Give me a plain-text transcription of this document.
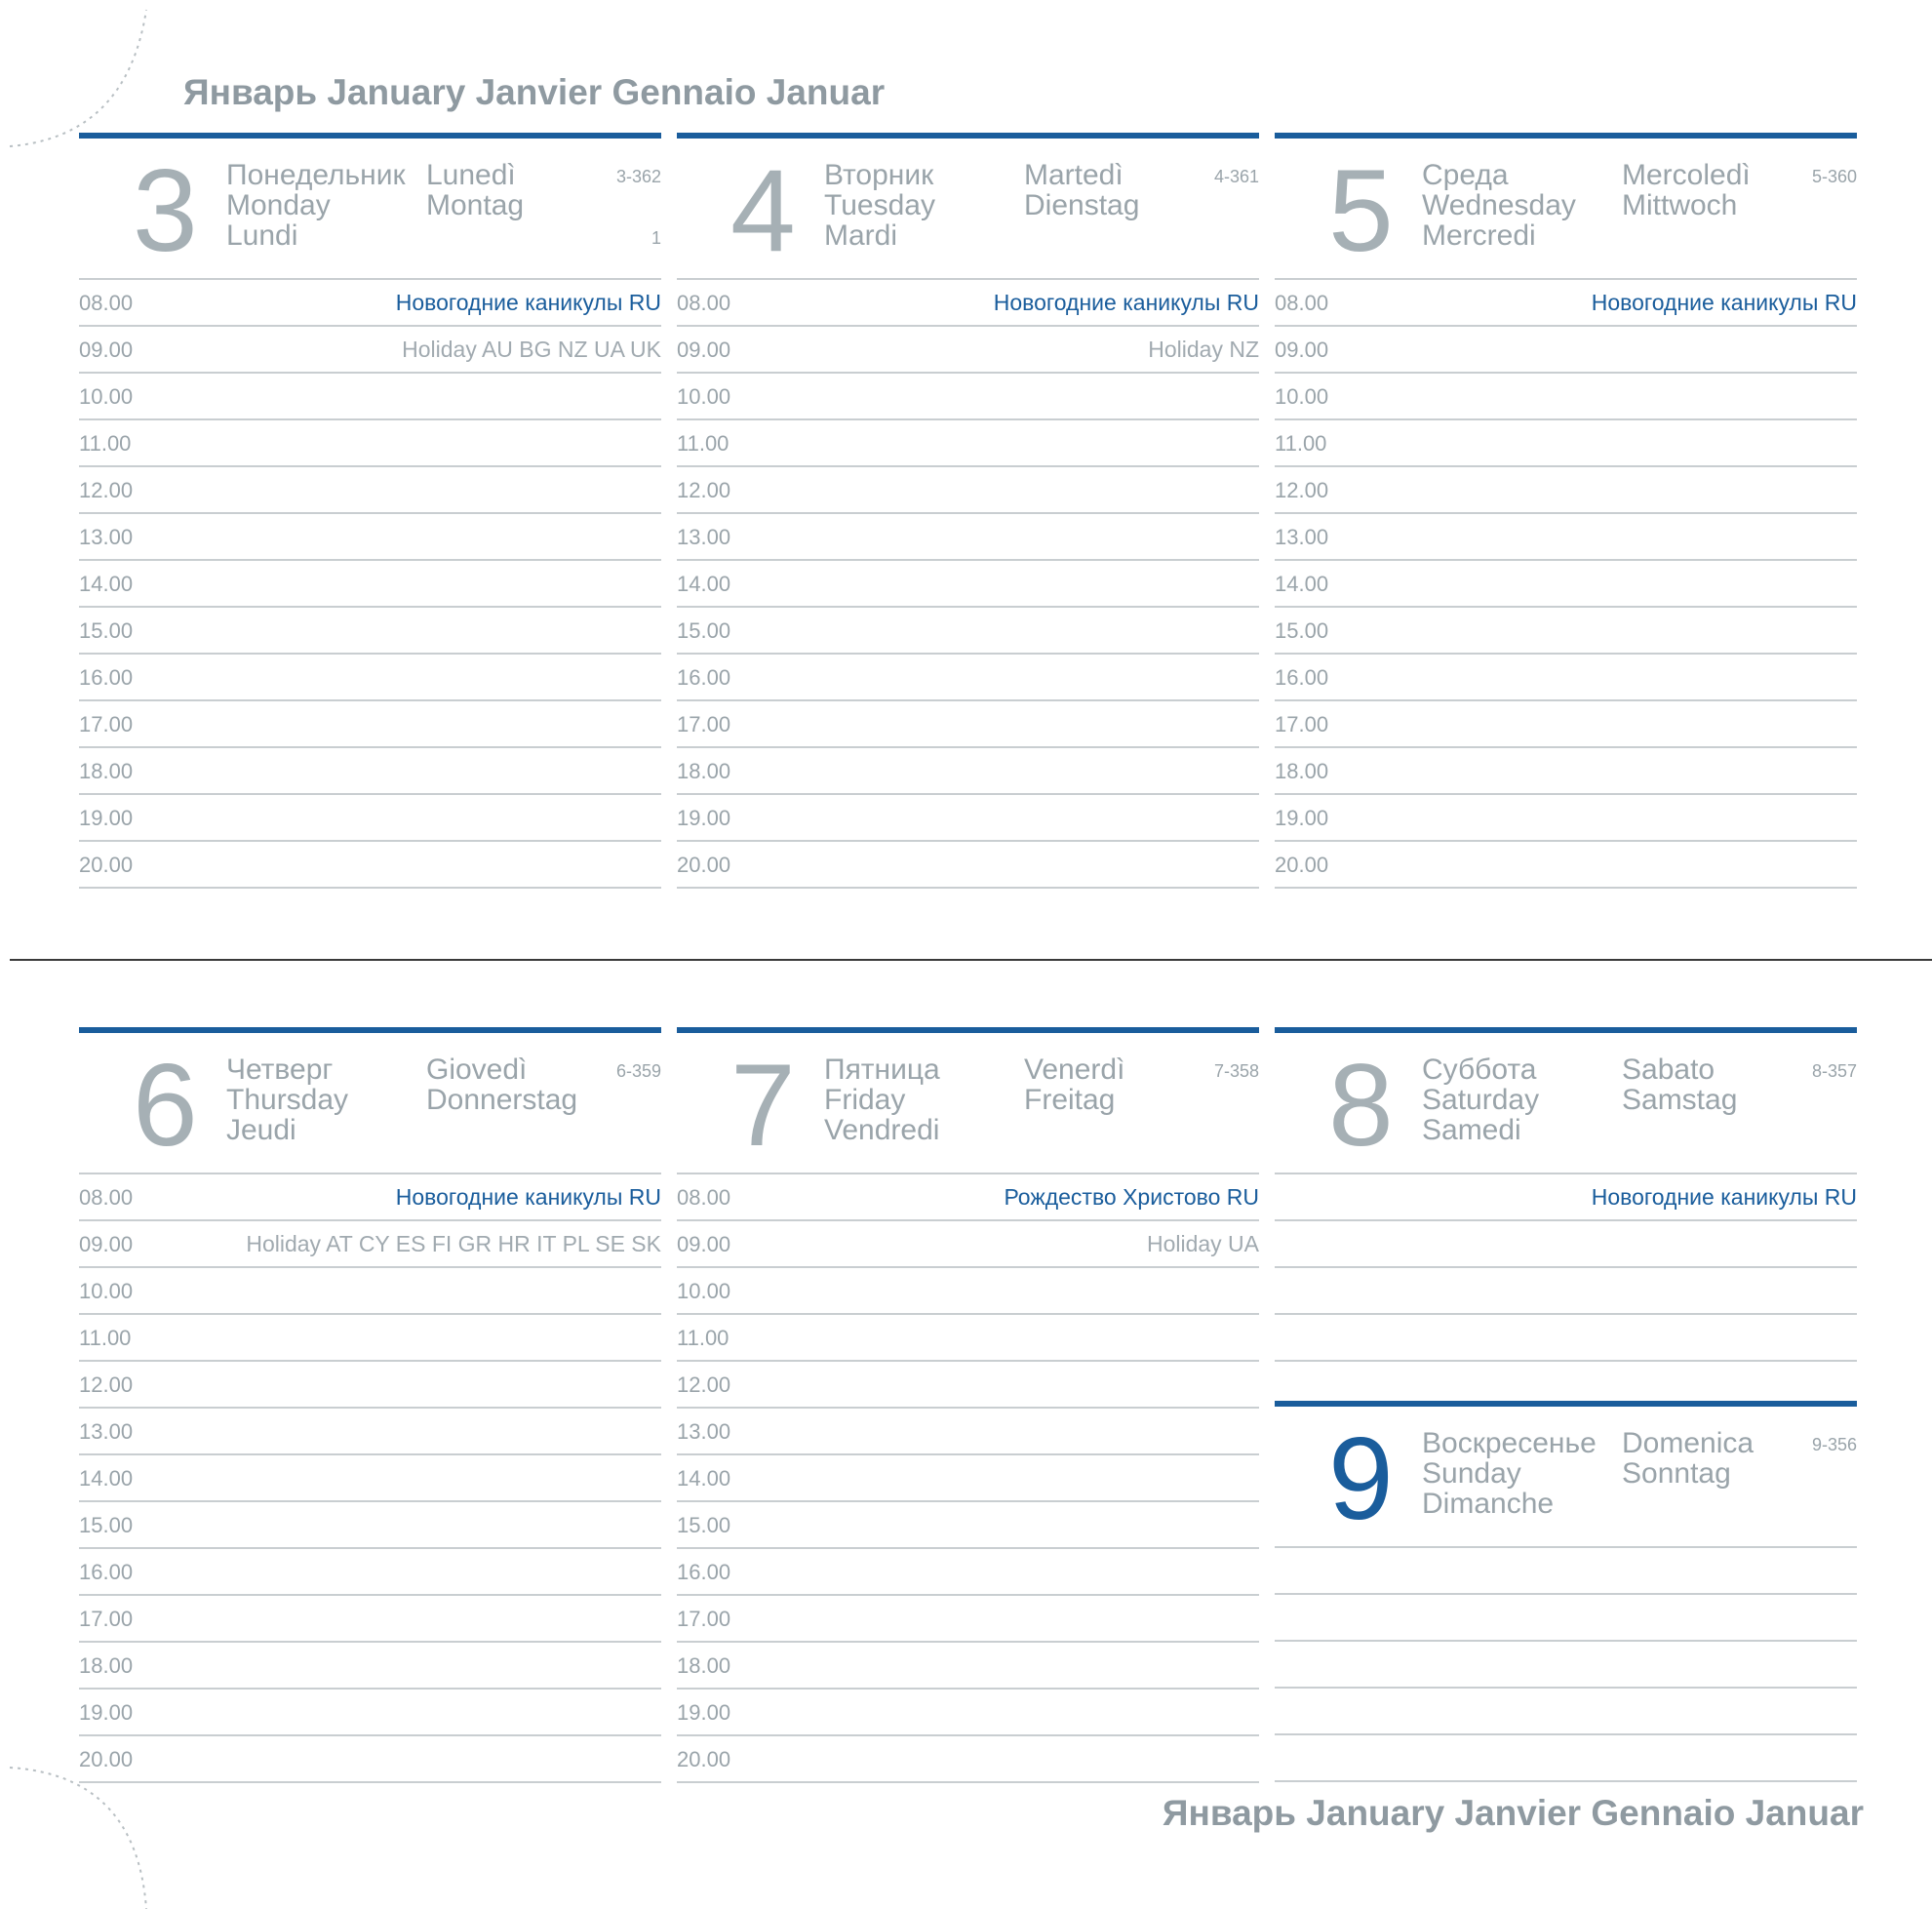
Январь January Janvier Gennaio Januar
Январь January Janvier Gennaio Januar
3 Понедельник
Monday
Lundi
Lunedì
Montag
3-362
1
08.00	Новогодние каникулы RU
09.00	Holiday AU BG NZ UA UK
10.00
11.00
12.00
13.00
14.00
15.00
16.00
17.00
18.00
19.00
20.00
4 Вторник
Tuesday
Mardi
Martedì
Dienstag
4-361
08.00	Новогодние каникулы RU
09.00	Holiday NZ
10.00
11.00
12.00
13.00
14.00
15.00
16.00
17.00
18.00
19.00
20.00
5 Среда
Wednesday
Mercredi
Mercoledì
Mittwoch
5-360
08.00	Новогодние каникулы RU
09.00
10.00
11.00
12.00
13.00
14.00
15.00
16.00
17.00
18.00
19.00
20.00
6 Четверг
Thursday
Jeudi
Giovedì
Donnerstag
6-359
08.00	Новогодние каникулы RU
09.00	Holiday AT CY ES FI GR HR IT PL SE SK
10.00
11.00
12.00
13.00
14.00
15.00
16.00
17.00
18.00
19.00
20.00
7 Пятница
Friday
Vendredi
Venerdì
Freitag
7-358
08.00	Рождество Христово RU
09.00	Holiday UA
10.00
11.00
12.00
13.00
14.00
15.00
16.00
17.00
18.00
19.00
20.00
8 Суббота
Saturday
Samedi
Sabato
Samstag
8-357
Новогодние каникулы RU
9 Воскресенье
Sunday
Dimanche
Domenica
Sonntag
9-356
